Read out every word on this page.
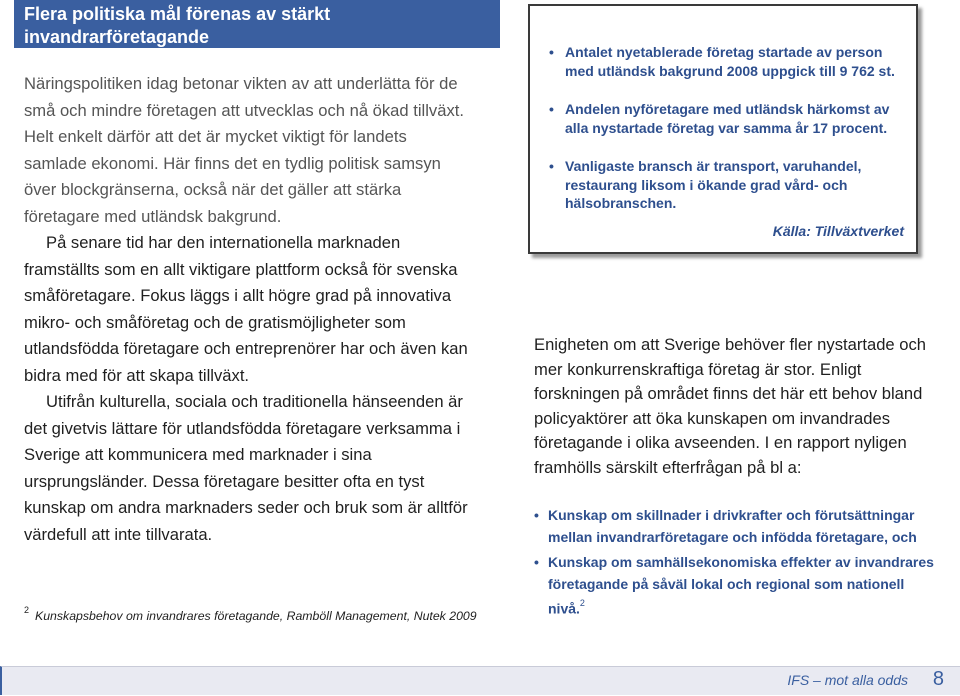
Flera politiska mål förenas av stärkt invandrarföretagande

Näringspolitiken idag betonar vikten av att underlätta för de små och mindre företagen att utvecklas och nå ökad tillväxt. Helt enkelt därför att det är mycket viktigt för landets samlade ekonomi. Här finns det en tydlig politisk samsyn över blockgränserna, också när det gäller att stärka företagare med utländsk bakgrund.

På senare tid har den internationella marknaden framställts som en allt viktigare plattform också för svenska småföretagare. Fokus läggs i allt högre grad på innovativa mikro- och småföretag och de gratismöjligheter som utlandsfödda företagare och entreprenörer har och även kan bidra med för att skapa tillväxt.

Utifrån kulturella, sociala och traditionella hänseenden är det givetvis lättare för utlandsfödda företagare verksamma i Sverige att kommunicera med marknader i sina ursprungsländer. Dessa företagare besitter ofta en tyst kunskap om andra marknaders seder och bruk som är alltför värdefull att inte tillvarata.

$^2$ Kunskapsbehov om invandrares företagande, Ramböll Management, Nutek 2009
• Antalet nyetablerade företag startade av person med utländsk bakgrund 2008 uppgick till 9 762 st.
• Andelen nyföretagare med utländsk härkomst av alla nystartade företag var samma år 17 procent.
• Vanligaste bransch är transport, varuhandel, restaurang liksom i ökande grad vård- och hälsobranschen.
Källa: Tillväxtverket

Enigheten om att Sverige behöver fler nystartade och mer konkurrenskraftiga företag är stor. Enligt forskningen på området finns det här ett behov bland policyaktörer att öka kunskapen om invandrades företagande i olika avseenden. I en rapport nyligen framhölls särskilt efterfrågan på bl a:

• Kunskap om skillnader i drivkrafter och förutsättningar mellan invandrarföretagare och infödda företagare, och
• Kunskap om samhällsekonomiska effekter av invandrares företagande på såväl lokal och regional som nationell nivå.$^2$
IFS – mot alla odds 8
